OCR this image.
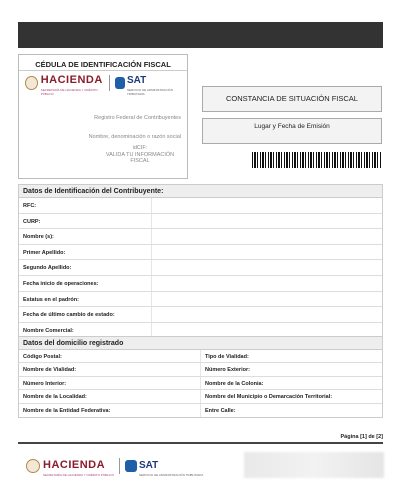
CÉDULA DE IDENTIFICACIÓN FISCAL
HACIENDA
SECRETARÍA DE HACIENDA Y CRÉDITO PÚBLICO
SAT
SERVICIO DE ADMINISTRACIÓN TRIBUTARIA
Registro Federal de Contribuyentes
Nombre, denominación o razón social
idCIF:
VALIDA TU INFORMACIÓN FISCAL
CONSTANCIA DE SITUACIÓN FISCAL
Lugar y Fecha de Emisión
Datos de Identificación del Contribuyente:
RFC:
CURP:
Nombre (s):
Primer Apellido:
Segundo Apellido:
Fecha inicio de operaciones:
Estatus en el padrón:
Fecha de último cambio de estado:
Nombre Comercial:
Datos del domicilio registrado
Código Postal:	Tipo de Vialidad:
Nombre de Vialidad:	Número Exterior:
Número Interior:	Nombre de la Colonia:
Nombre de la Localidad:	Nombre del Municipio o Demarcación Territorial:
Nombre de la Entidad Federativa:	Entre Calle:
Página [1] de [2]
HACIENDA
SECRETARÍA DE HACIENDA Y CRÉDITO PÚBLICO
SAT
SERVICIO DE ADMINISTRACIÓN TRIBUTARIA
